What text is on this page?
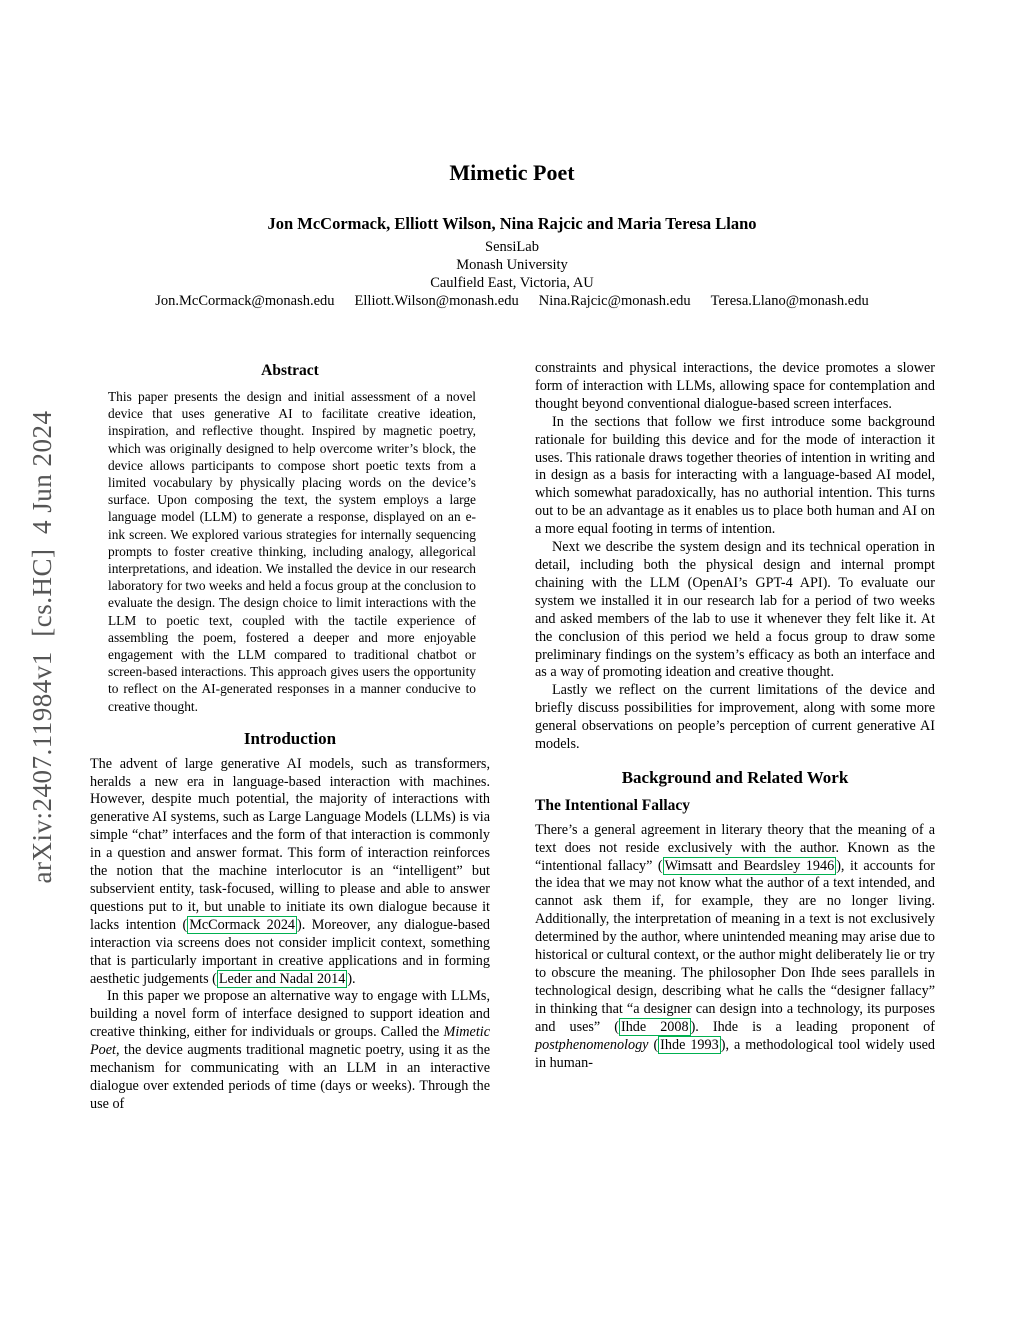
arXiv:2407.11984v1  [cs.HC]  4 Jun 2024
Mimetic Poet
Jon McCormack, Elliott Wilson, Nina Rajcic and Maria Teresa Llano
SensiLab
Monash University
Caulfield East, Victoria, AU
Jon.McCormack@monash.edu Elliott.Wilson@monash.edu Nina.Rajcic@monash.edu Teresa.Llano@monash.edu
Abstract
This paper presents the design and initial assessment of a novel device that uses generative AI to facilitate creative ideation, inspiration, and reflective thought. Inspired by magnetic poetry, which was originally designed to help overcome writer’s block, the device allows participants to compose short poetic texts from a limited vocabulary by physically placing words on the device’s surface. Upon composing the text, the system employs a large language model (LLM) to generate a response, displayed on an e-ink screen. We explored various strategies for internally sequencing prompts to foster creative thinking, including analogy, allegorical interpretations, and ideation. We installed the device in our research laboratory for two weeks and held a focus group at the conclusion to evaluate the design. The design choice to limit interactions with the LLM to poetic text, coupled with the tactile experience of assembling the poem, fostered a deeper and more enjoyable engagement with the LLM compared to traditional chatbot or screen-based interactions. This approach gives users the opportunity to reflect on the AI-generated responses in a manner conducive to creative thought.
Introduction

The advent of large generative AI models, such as transformers, heralds a new era in language-based interaction with machines. However, despite much potential, the majority of interactions with generative AI systems, such as Large Language Models (LLMs) is via simple “chat” interfaces and the form of that interaction is commonly in a question and answer format. This form of interaction reinforces the notion that the machine interlocutor is an “intelligent” but subservient entity, task-focused, willing to please and able to answer questions put to it, but unable to initiate its own dialogue because it lacks intention ( McCormack 2024 ). Moreover, any dialogue-based interaction via screens does not consider implicit context, something that is particularly important in creative applications and in forming aesthetic judgements ( Leder and Nadal 2014 ).

In this paper we propose an alternative way to engage with LLMs, building a novel form of interface designed to support ideation and creative thinking, either for individuals or groups. Called the Mimetic Poet, the device augments traditional magnetic poetry, using it as the mechanism for communicating with an LLM in an interactive dialogue over extended periods of time (days or weeks). Through the use of

constraints and physical interactions, the device promotes a slower form of interaction with LLMs, allowing space for contemplation and thought beyond conventional dialogue-based screen interfaces.

In the sections that follow we first introduce some background rationale for building this device and for the mode of interaction it uses. This rationale draws together theories of intention in writing and in design as a basis for interacting with a language-based AI model, which somewhat paradoxically, has no authorial intention. This turns out to be an advantage as it enables us to place both human and AI on a more equal footing in terms of intention.

Next we describe the system design and its technical operation in detail, including both the physical design and internal prompt chaining with the LLM (OpenAI’s GPT-4 API). To evaluate our system we installed it in our research lab for a period of two weeks and asked members of the lab to use it whenever they felt like it. At the conclusion of this period we held a focus group to draw some preliminary findings on the system’s efficacy as both an interface and as a way of promoting ideation and creative thought.

Lastly we reflect on the current limitations of the device and briefly discuss possibilities for improvement, along with some more general observations on people’s perception of current generative AI models.

Background and Related Work
The Intentional Fallacy

There’s a general agreement in literary theory that the meaning of a text does not reside exclusively with the author. Known as the “intentional fallacy” ( Wimsatt and Beardsley 1946 ), it accounts for the idea that we may not know what the author of a text intended, and cannot ask them if, for example, they are no longer living. Additionally, the interpretation of meaning in a text is not exclusively determined by the author, where unintended meaning may arise due to historical or cultural context, or the author might deliberately lie or try to obscure the meaning. The philosopher Don Ihde sees parallels in technological design, describing what he calls the “designer fallacy” in thinking that “a designer can design into a technology, its purposes and uses” ( Ihde 2008 ). Ihde is a leading proponent of postphenomenology ( Ihde 1993 ), a methodological tool widely used in human-
